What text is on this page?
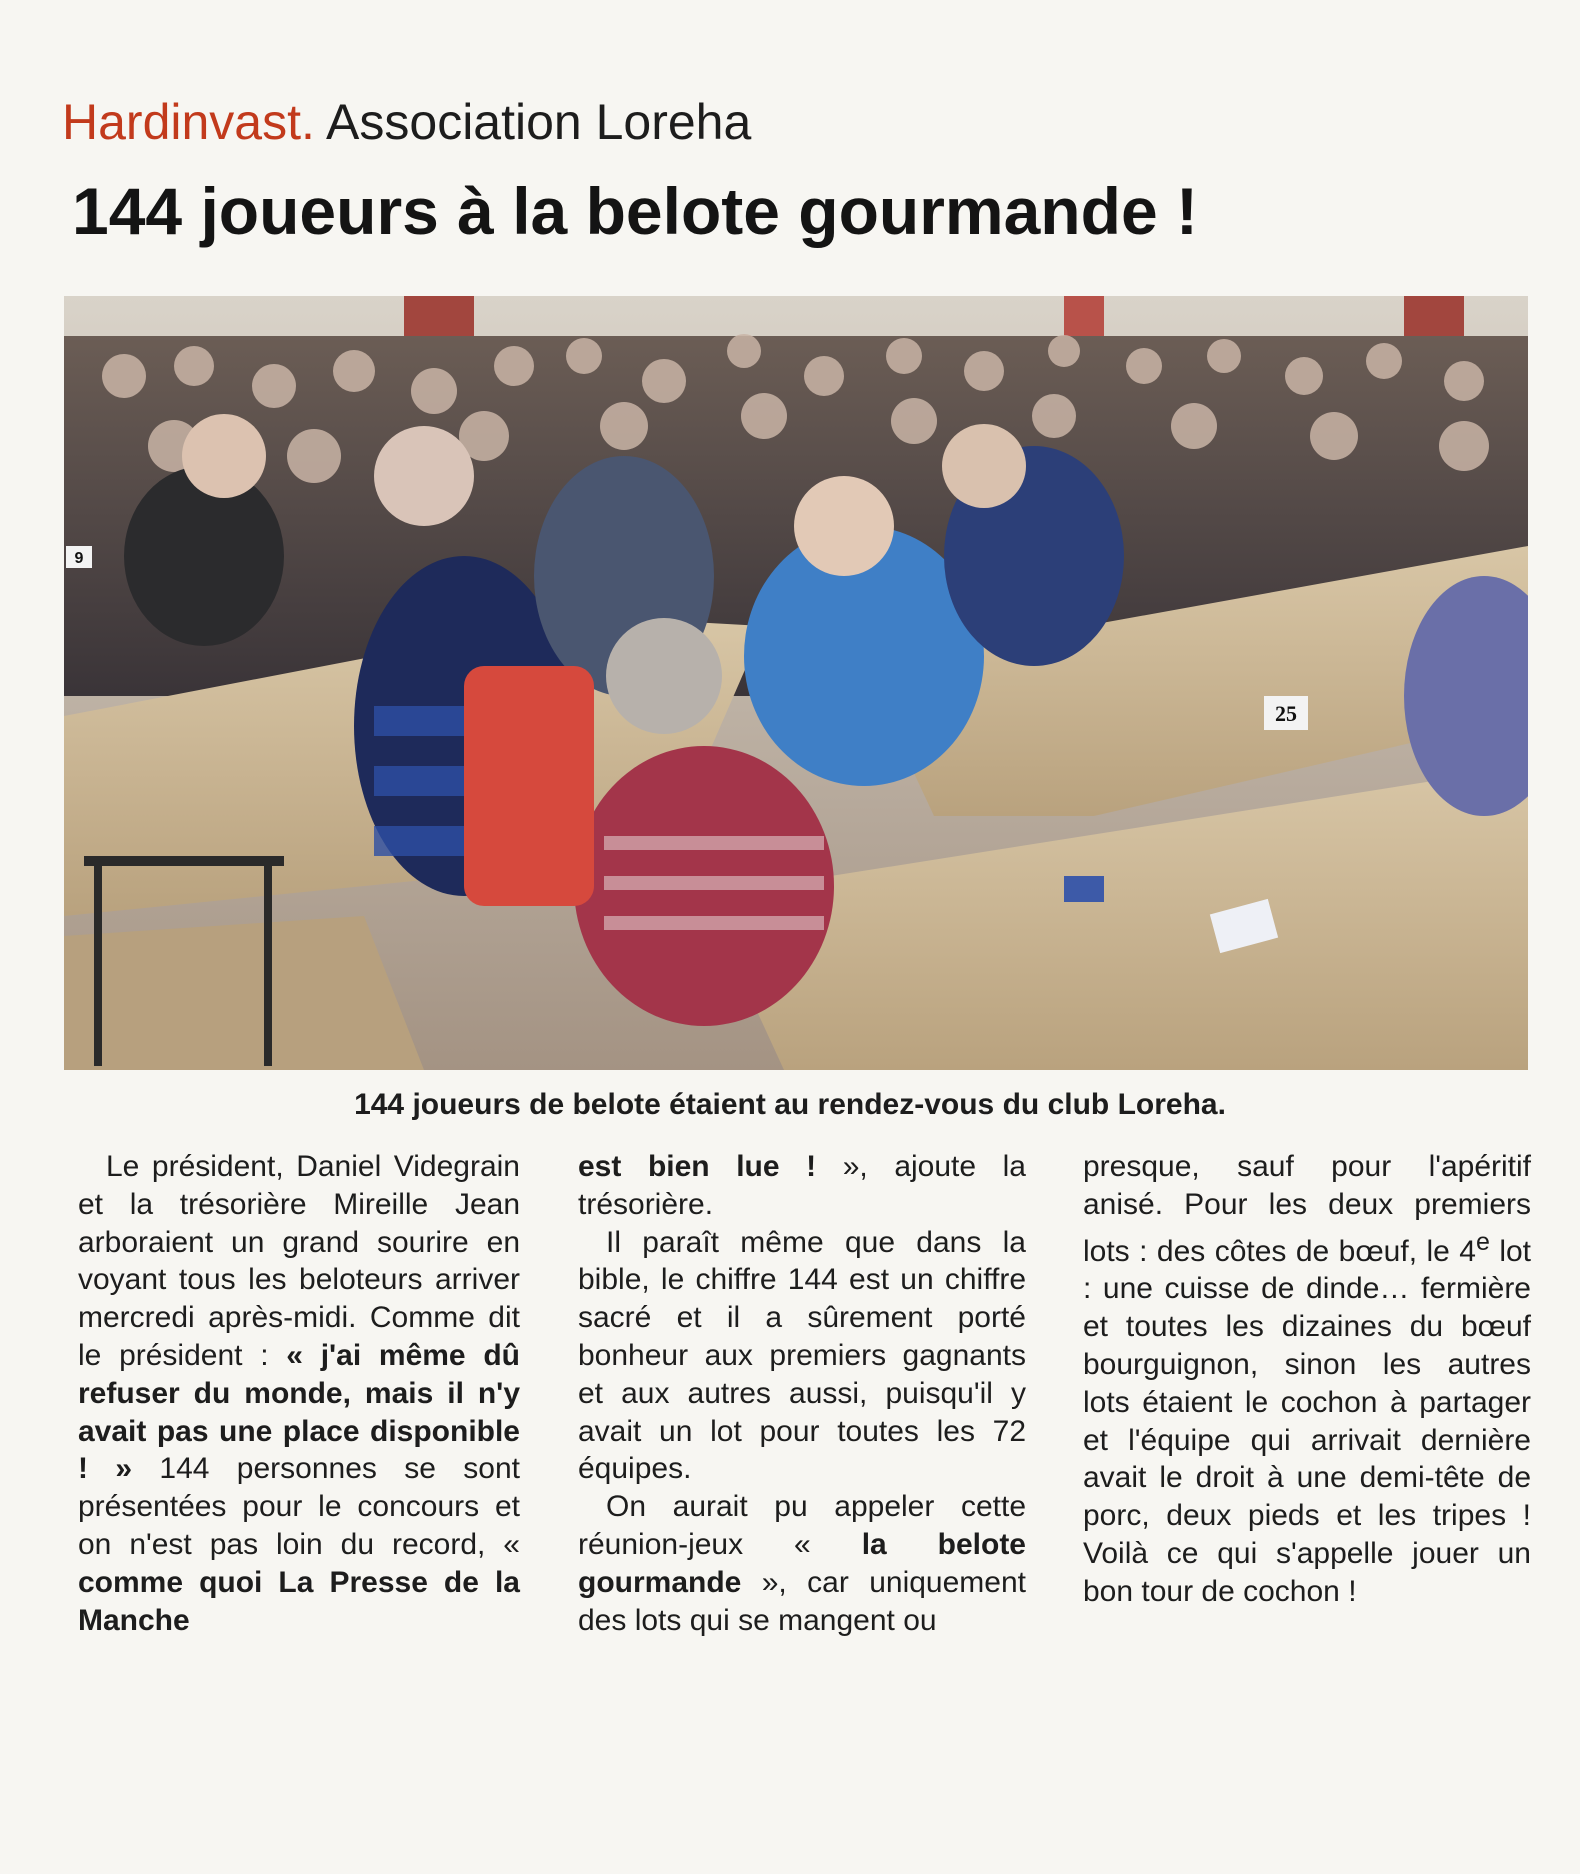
Hardinvast. Association Loreha
144 joueurs à la belote gourmande !
9
25
144 joueurs de belote étaient au rendez-vous du club Loreha.

Le président, Daniel Videgrain et la trésorière Mireille Jean arboraient un grand sourire en voyant tous les beloteurs arriver mercredi après-midi. Comme dit le président : « j'ai même dû refuser du monde, mais il n'y avait pas une place disponible ! » 144 personnes se sont présentées pour le concours et on n'est pas loin du record, « comme quoi La Presse de la Manche

est bien lue ! », ajoute la trésorière.

Il paraît même que dans la bible, le chiffre 144 est un chiffre sacré et il a sûrement porté bonheur aux premiers gagnants et aux autres aussi, puisqu'il y avait un lot pour toutes les 72 équipes.

On aurait pu appeler cette réunion-jeux « la belote gourmande », car uniquement des lots qui se mangent ou

presque, sauf pour l'apéritif anisé. Pour les deux premiers lots : des côtes de bœuf, le 4e lot : une cuisse de dinde… fermière et toutes les dizaines du bœuf bourguignon, sinon les autres lots étaient le cochon à partager et l'équipe qui arrivait dernière avait le droit à une demi-tête de porc, deux pieds et les tripes ! Voilà ce qui s'appelle jouer un bon tour de cochon !
